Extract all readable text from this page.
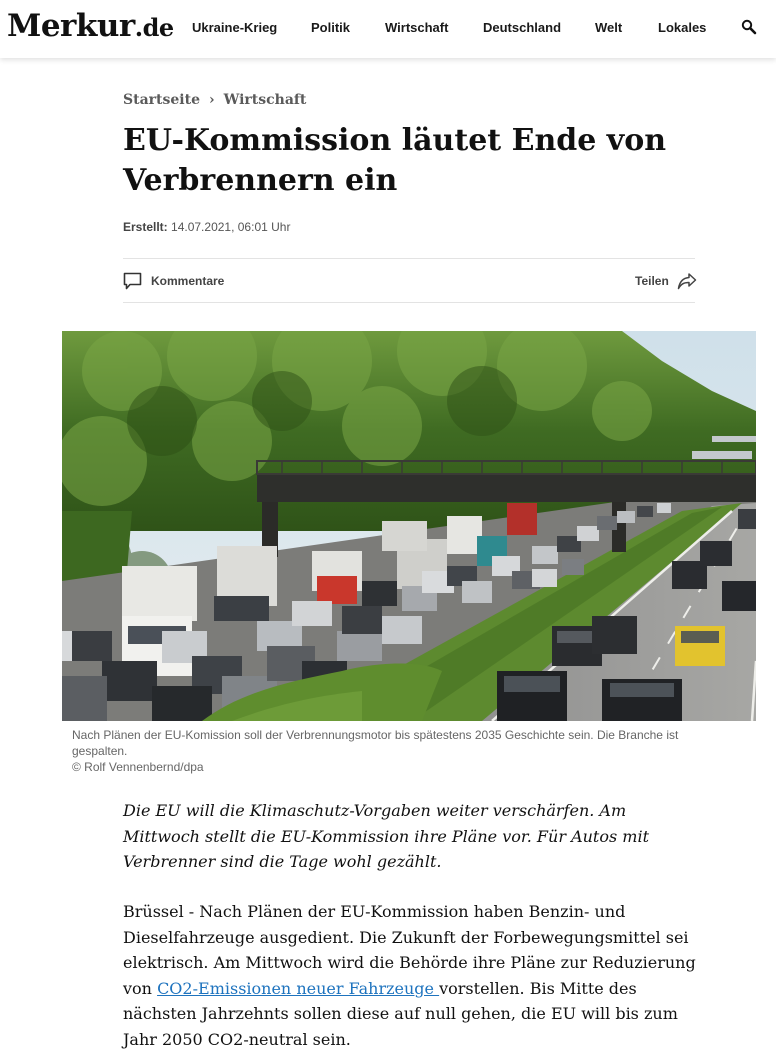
Merkur.de Ukraine-Krieg	Politik	Wirtschaft	Deutschland	Welt	Lokales
Startseite › Wirtschaft
EU-Kommission läutet Ende von Verbrennern ein
Erstellt: 14.07.2021, 06:01 Uhr
Kommentare	Teilen
Nach Plänen der EU-Komission soll der Verbrennungsmotor bis spätestens 2035 Geschichte sein. Die Branche ist gespalten.
© Rolf Vennenbernd/dpa

Die EU will die Klimaschutz-Vorgaben weiter verschärfen. Am Mittwoch stellt die EU-Kommission ihre Pläne vor. Für Autos mit Verbrenner sind die Tage wohl gezählt.

Brüssel - Nach Plänen der EU-Kommission haben Benzin- und Dieselfahrzeuge ausgedient. Die Zukunft der Forbewegungsmittel sei elektrisch. Am Mittwoch wird die Behörde ihre Pläne zur Reduzierung von CO2-Emissionen neuer Fahrzeuge vorstellen. Bis Mitte des nächsten Jahrzehnts sollen diese auf null gehen, die EU will bis zum Jahr 2050 CO2-neutral sein.
